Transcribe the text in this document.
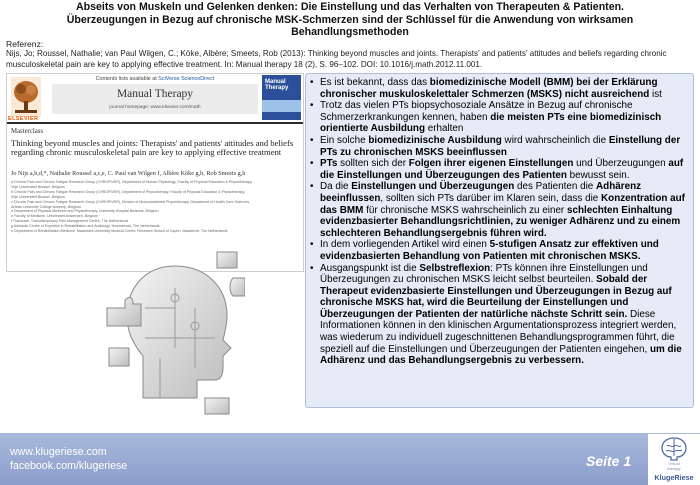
Abseits von Muskeln und Gelenken denken: Die Einstellung und das Verhalten von Therapeuten & Patienten.
Überzeugungen in Bezug auf chronische MSK-Schmerzen sind der Schlüssel für die Anwendung von wirksamen
Behandlungsmethoden
Referenz:
Nijs, Jo; Roussel, Nathalie; van Paul Wilgen, C.; Köke, Albère; Smeets, Rob (2013): Thinking beyond muscles and joints. Therapists' and patients' attitudes and beliefs regarding chronic musculoskeletal pain are key to applying effective treatment. In: Manual therapy 18 (2), S. 96–102. DOI: 10.1016/j.math.2012.11.001.
ELSEVIER
Contents lists available at SciVerse ScienceDirect
Manual Therapy
journal homepage: www.elsevier.com/math
Manual Therapy
Masterclass
Thinking beyond muscles and joints: Therapists' and patients' attitudes and beliefs regarding chronic musculoskeletal pain are key to applying effective treatment
Jo Nijs a,b,d,*, Nathalie Roussel a,c,e, C. Paul van Wilgen f, Albère Köke g,h, Rob Smeets g,h
a Chronic Pain and Chronic Fatigue Research Group (CHROPIVER), Department of Human Physiology, Faculty of Physical Education & Physiotherapy,
Vrije Universiteit Brussel, Belgium
b Chronic Pain and Chronic Fatigue Research Group (CHROPIVER), Department of Physiotherapy, Faculty of Physical Education & Physiotherapy,
Vrije Universiteit Brussel, Belgium
c Chronic Pain and Chronic Fatigue Research Group (CHROPIVER), Division of Musculoskeletal Physiotherapy, Department of Health Care Sciences,
Artesis University College Antwerp, Belgium
d Department of Physical Medicine and Physiotherapy, University Hospital Brussels, Belgium
e Faculty of Medicine, Universiteit Antwerpen, Belgium
f Transcare, Transdisciplinary Pain Management Centre, The Netherlands
g Adelante Centre of Expertise in Rehabilitation and Audiology, Hoensbroek, The Netherlands
h Department of Rehabilitation Medicine, Maastricht University Medical Centre, Research School of Caphri, Maastricht, The Netherlands
• Es ist bekannt, dass das biomedizinische Modell (BMM) bei der Erklärung chronischer muskuloskelettaler Schmerzen (MSKS) nicht ausreichend ist
• Trotz das vielen PTs biopsychosoziale Ansätze in Bezug auf chronische Schmerzerkrankungen kennen, haben die meisten PTs eine biomedizinisch orientierte Ausbildung erhalten
• Ein solche biomedizinische Ausbildung wird wahrscheinlich die Einstellung der PTs zu chronischen MSKS beeinflussen
• PTs sollten sich der Folgen ihrer eigenen Einstellungen und Überzeugungen auf die Einstellungen und Überzeugungen des Patienten bewusst sein.
• Da die Einstellungen und Überzeugungen des Patienten die Adhärenz beeinflussen, sollten sich PTs darüber im Klaren sein, dass die Konzentration auf das BMM für chronische MSKS wahrscheinlich zu einer schlechten Einhaltung evidenzbasierter Behandlungsrichtlinien, zu weniger Adhärenz und zu einem schlechteren Behandlungsergebnis führen wird.
• In dem vorliegenden Artikel wird einen 5-stufigen Ansatz zur effektiven und evidenzbasierten Behandlung von Patienten mit chronischen MSKS.
• Ausgangspunkt ist die Selbstreflexion: PTs können ihre Einstellungen und Überzeugungen zu chronischen MSKS leicht selbst beurteilen. Sobald der Therapeut evidenzbasierte Einstellungen und Überzeugungen in Bezug auf chronische MSKS hat, wird die Beurteilung der Einstellungen und Überzeugungen der Patienten der natürliche nächste Schritt sein. Diese Informationen können in den klinischen Argumentationsprozess integriert werden, was wiederum zu individuell zugeschnittenen Behandlungsprogrammen führt, die speziell auf die Einstellungen und Überzeugungen der Patienten eingehen, um die Adhärenz und das Behandlungsergebnis zu verbessern.
www.klugeriese.com
facebook.com/klugeriese	Seite 1	Virtual
therapy
KlugeRiese
